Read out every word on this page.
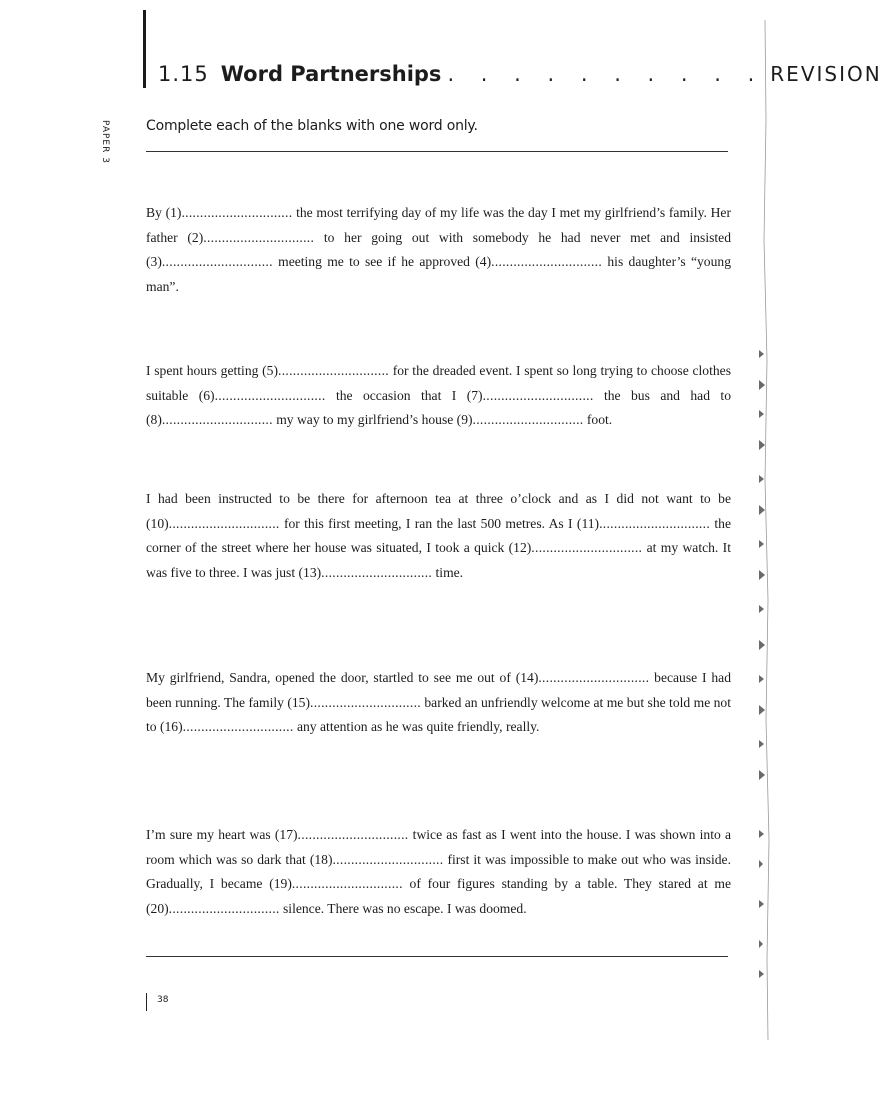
1.15 Word Partnerships . . . . . . . . . . REVISION
PAPER 3	Complete each of the blanks with one word only.
By (1).............................. the most terrifying day of my life was the day I met my girlfriend’s family. Her father (2).............................. to her going out with somebody he had never met and insisted (3).............................. meeting me to see if he approved (4).............................. his daughter’s “young man”.
I spent hours getting (5).............................. for the dreaded event. I spent so long trying to choose clothes suitable (6).............................. the occasion that I (7).............................. the bus and had to (8).............................. my way to my girlfriend’s house (9).............................. foot.
I had been instructed to be there for afternoon tea at three o’clock and as I did not want to be (10).............................. for this first meeting, I ran the last 500 metres. As I (11).............................. the corner of the street where her house was situated, I took a quick (12).............................. at my watch. It was five to three. I was just (13).............................. time.
My girlfriend, Sandra, opened the door, startled to see me out of (14).............................. because I had been running. The family (15).............................. barked an unfriendly welcome at me but she told me not to (16).............................. any attention as he was quite friendly, really.
I’m sure my heart was (17).............................. twice as fast as I went into the house. I was shown into a room which was so dark that (18).............................. first it was impossible to make out who was inside. Gradually, I became (19).............................. of four figures standing by a table. They stared at me (20).............................. silence. There was no escape. I was doomed.
38
